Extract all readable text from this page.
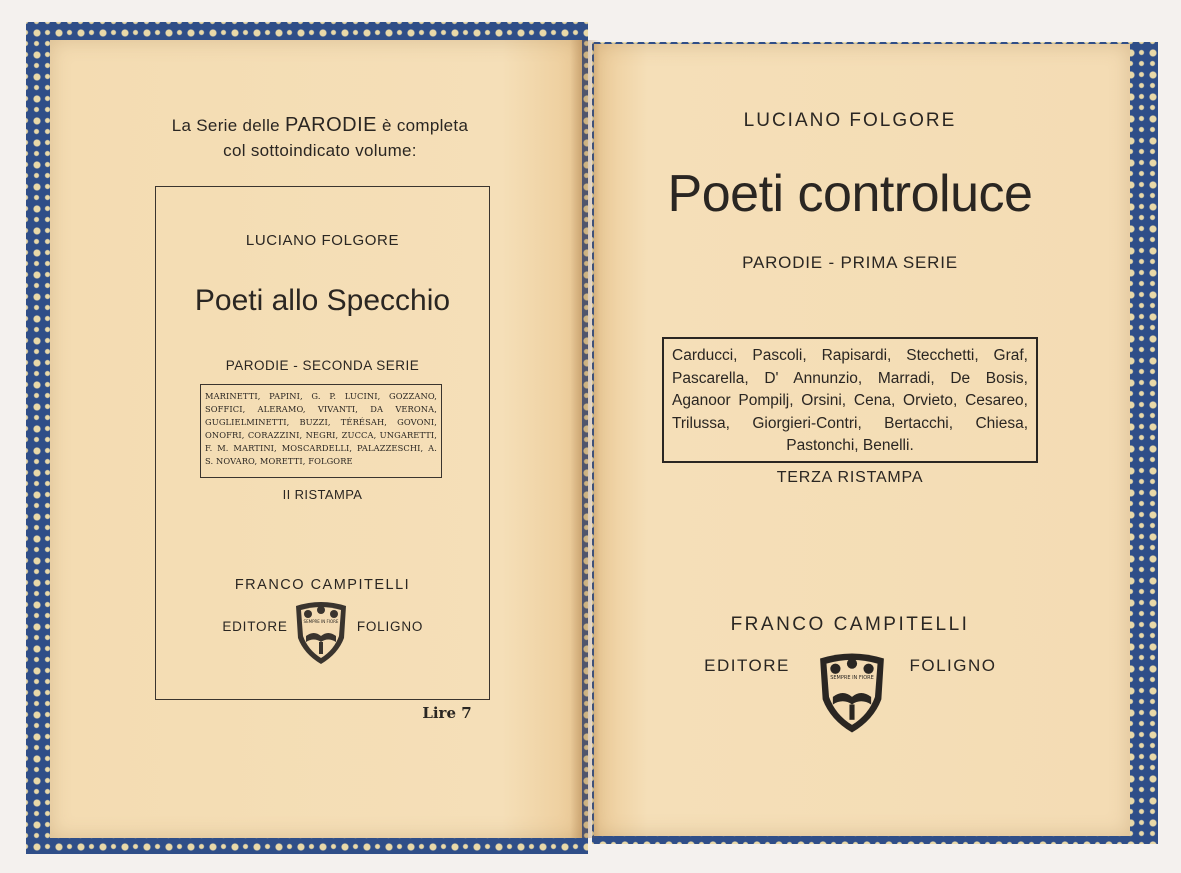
La Serie delle PARODIE è completa
col sottoindicato volume:
LUCIANO FOLGORE
Poeti allo Specchio
PARODIE - SECONDA SERIE
MARINETTI, PAPINI, G. P. LUCINI, GOZZANO, SOFFICI, ALERAMO, VIVANTI, DA VERONA, GUGLIELMINETTI, BUZZI, TÉRÉSAH, GOVONI, ONOFRI, CORAZZINI, NEGRI, ZUCCA, UNGARETTI, F. M. MARTINI, MOSCARDELLI, PALAZZESCHI, A. S. NOVARO, MORETTI, FOLGORE
II RISTAMPA
FRANCO CAMPITELLI
EDITORE	FOLIGNO
SEMPRE IN FIORE
Lire 7
LUCIANO FOLGORE
Poeti controluce
PARODIE - PRIMA SERIE
Carducci, Pascoli, Rapisardi, Stecchetti, Graf, Pascarella, D' Annunzio, Marradi, De Bosis, Aganoor Pompilj, Orsini, Cena, Orvieto, Cesareo, Trilussa, Giorgieri-Contri, Bertacchi, Chiesa, Pastonchi, Benelli.
TERZA RISTAMPA
FRANCO CAMPITELLI
EDITORE	FOLIGNO
SEMPRE IN FIORE
